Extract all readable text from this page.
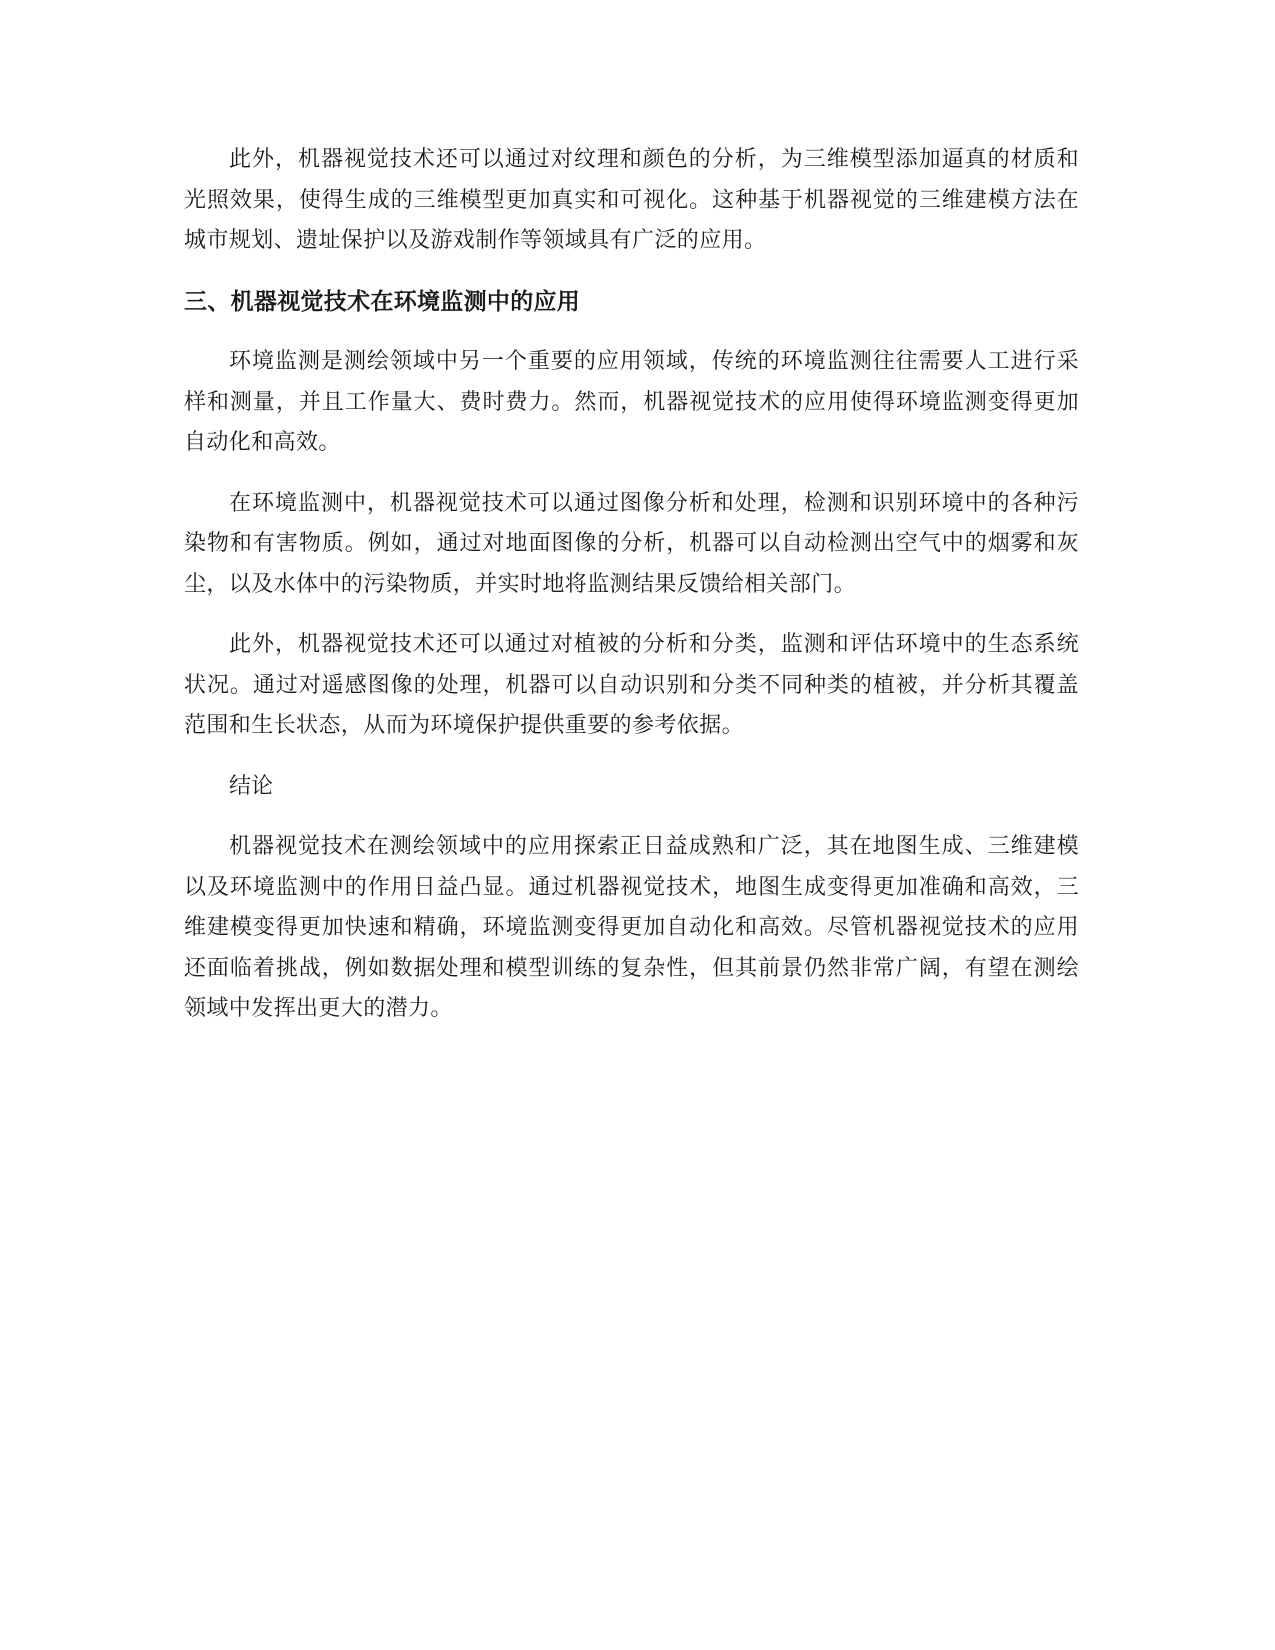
此外，机器视觉技术还可以通过对纹理和颜色的分析，为三维模型添加逼真的材质和光照效果，使得生成的三维模型更加真实和可视化。这种基于机器视觉的三维建模方法在城市规划、遗址保护以及游戏制作等领域具有广泛的应用。

三、机器视觉技术在环境监测中的应用

环境监测是测绘领域中另一个重要的应用领域，传统的环境监测往往需要人工进行采样和测量，并且工作量大、费时费力。然而，机器视觉技术的应用使得环境监测变得更加自动化和高效。

在环境监测中，机器视觉技术可以通过图像分析和处理，检测和识别环境中的各种污染物和有害物质。例如，通过对地面图像的分析，机器可以自动检测出空气中的烟雾和灰尘，以及水体中的污染物质，并实时地将监测结果反馈给相关部门。

此外，机器视觉技术还可以通过对植被的分析和分类，监测和评估环境中的生态系统状况。通过对遥感图像的处理，机器可以自动识别和分类不同种类的植被，并分析其覆盖范围和生长状态，从而为环境保护提供重要的参考依据。

结论

机器视觉技术在测绘领域中的应用探索正日益成熟和广泛，其在地图生成、三维建模以及环境监测中的作用日益凸显。通过机器视觉技术，地图生成变得更加准确和高效，三维建模变得更加快速和精确，环境监测变得更加自动化和高效。尽管机器视觉技术的应用还面临着挑战，例如数据处理和模型训练的复杂性，但其前景仍然非常广阔，有望在测绘领域中发挥出更大的潜力。
